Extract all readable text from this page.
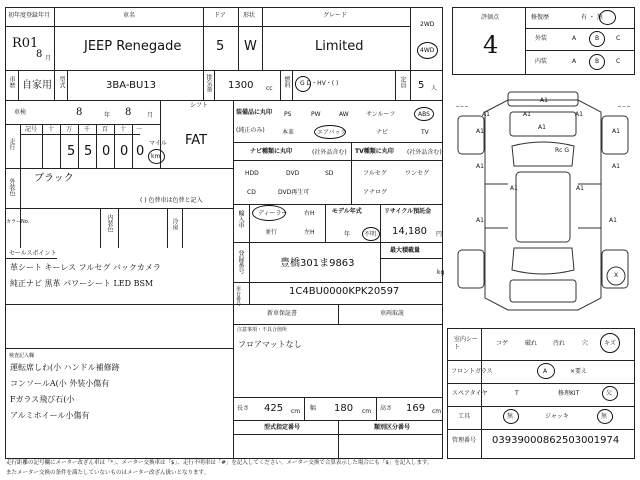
初年度登録年月
R01
8 月
車名
JEEP Renegade
ドア
5
形状
W
グレード
Limited
2WD
4WD
車歴 自家用 型式	3BA-BU13	排気量 1300 cc
燃料 G D・HV・( )	定員 5 人
車検	8	年 8	月
シフト
FAT
走行
記号 十 万 千 百 十 一
5 5 0 0 0
マイル
km
装備品に丸印
(純正のみ)
PS	PW	AW	サンルーフ	ABS
本革	エアバック	ナビ	TV
ナビ種類に丸印	(社外品含む)
HDD	DVD	SD
CD	DVD再生可
TV種類に丸印 (社外品含む)
フルセグ	ワンセグ
アナログ
外装色 ブラック
( ) 色替車は色替と記入
カラーNo.	内装色	冷房	輸入車 ディーラー
並行
右H
左H
モデル年式
年 不明
リサイクル預託金
14,180 円
セールスポイント
革シート キーレス フルセグ バックカメラ
純正ナビ 黒革 パワーシート LED BSM
登録番号	豊橋301ま9863
最大積載量
kg
車台番号	1C4BU0000KPK20597
新車保証書	車両取説
注意事項・不具合箇所
フロアマットなし
検査記入欄
運転席しわ(小 ハンドル補修跡
コンソールA(小 外装小傷有
Fガラス飛び石(小
アルミホイール小傷有
長さ 425 cm 幅 180 cm 高さ 169 cm
型式指定番号	類別区分番号
評価点
4
修復歴	有 ・ 無
外装	A	B	C
内装	A	B	C
A1
A1	A1	A1
A1	A1
A1
A1	A1
A1	A1
A1	A1
Rc G
X
室内シート
コゲ	破れ	汚れ	穴	キズ
フロントガラス	A	×要え
スペアタイヤ	T	修理KIT	欠
工具	無	ジャッキ	無
管理番号 03939000862503001974
走行距離の記号欄にメーター改ざん車は「*」、メーター交換車は「$」、走行不明車は「#」を記入してください。メーター交換で合算表示した場合にも「$」を記入します。
またメーター交換の条件を満たしていないものはメーター改ざん扱いとなります。
